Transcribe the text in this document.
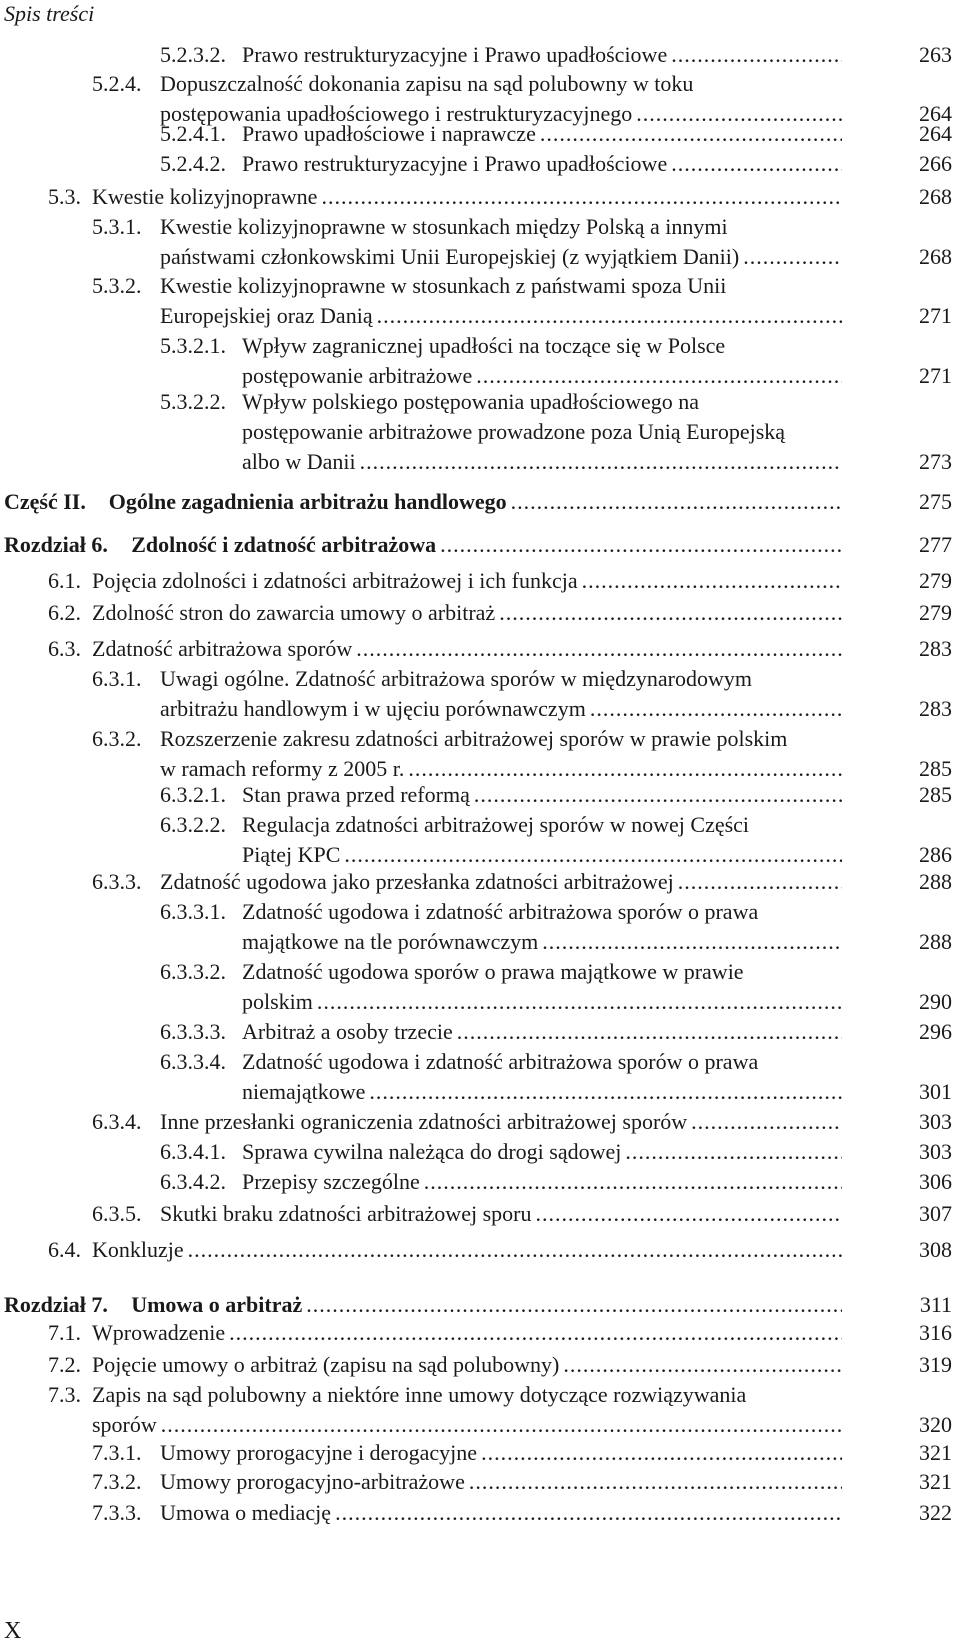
Spis treści
5.2.3.2. Prawo restrukturyzacyjne i Prawo upadłościowe .....	263
5.2.4. Dopuszczalność dokonania zapisu na sąd polubowny w toku
postępowania upadłościowego i restrukturyzacyjnego .....	264
5.2.4.1. Prawo upadłościowe i naprawcze .....	264
5.2.4.2. Prawo restrukturyzacyjne i Prawo upadłościowe .....	266
5.3. Kwestie kolizyjnoprawne .....	268
5.3.1. Kwestie kolizyjnoprawne w stosunkach między Polską a innymi
państwami członkowskimi Unii Europejskiej (z wyjątkiem Danii) .....	268
5.3.2. Kwestie kolizyjnoprawne w stosunkach z państwami spoza Unii
Europejskiej oraz Danią .....	271
5.3.2.1. Wpływ zagranicznej upadłości na toczące się w Polsce
postępowanie arbitrażowe .....	271
5.3.2.2. Wpływ polskiego postępowania upadłościowego na
postępowanie arbitrażowe prowadzone poza Unią Europejską
albo w Danii .....	273
Część II. Ogólne zagadnienia arbitrażu handlowego .....	275
Rozdział 6. Zdolność i zdatność arbitrażowa .....	277
6.1. Pojęcia zdolności i zdatności arbitrażowej i ich funkcja .....	279
6.2. Zdolność stron do zawarcia umowy o arbitraż .....	279
6.3. Zdatność arbitrażowa sporów .....	283
6.3.1. Uwagi ogólne. Zdatność arbitrażowa sporów w międzynarodowym
arbitrażu handlowym i w ujęciu porównawczym .....	283
6.3.2. Rozszerzenie zakresu zdatności arbitrażowej sporów w prawie polskim
w ramach reformy z 2005 r. .....	285
6.3.2.1. Stan prawa przed reformą .....	285
6.3.2.2. Regulacja zdatności arbitrażowej sporów w nowej Części
Piątej KPC .....	286
6.3.3. Zdatność ugodowa jako przesłanka zdatności arbitrażowej .....	288
6.3.3.1. Zdatność ugodowa i zdatność arbitrażowa sporów o prawa
majątkowe na tle porównawczym .....	288
6.3.3.2. Zdatność ugodowa sporów o prawa majątkowe w prawie
polskim .....	290
6.3.3.3. Arbitraż a osoby trzecie .....	296
6.3.3.4. Zdatność ugodowa i zdatność arbitrażowa sporów o prawa
niemajątkowe .....	301
6.3.4. Inne przesłanki ograniczenia zdatności arbitrażowej sporów .....	303
6.3.4.1. Sprawa cywilna należąca do drogi sądowej .....	303
6.3.4.2. Przepisy szczególne .....	306
6.3.5. Skutki braku zdatności arbitrażowej sporu .....	307
6.4. Konkluzje .....	308
Rozdział 7. Umowa o arbitraż .....	311
7.1. Wprowadzenie .....	316
7.2. Pojęcie umowy o arbitraż (zapisu na sąd polubowny) .....	319
7.3. Zapis na sąd polubowny a niektóre inne umowy dotyczące rozwiązywania
sporów .....	320
7.3.1. Umowy prorogacyjne i derogacyjne .....	321
7.3.2. Umowy prorogacyjno-arbitrażowe .....	321
7.3.3. Umowa o mediację .....	322
X
